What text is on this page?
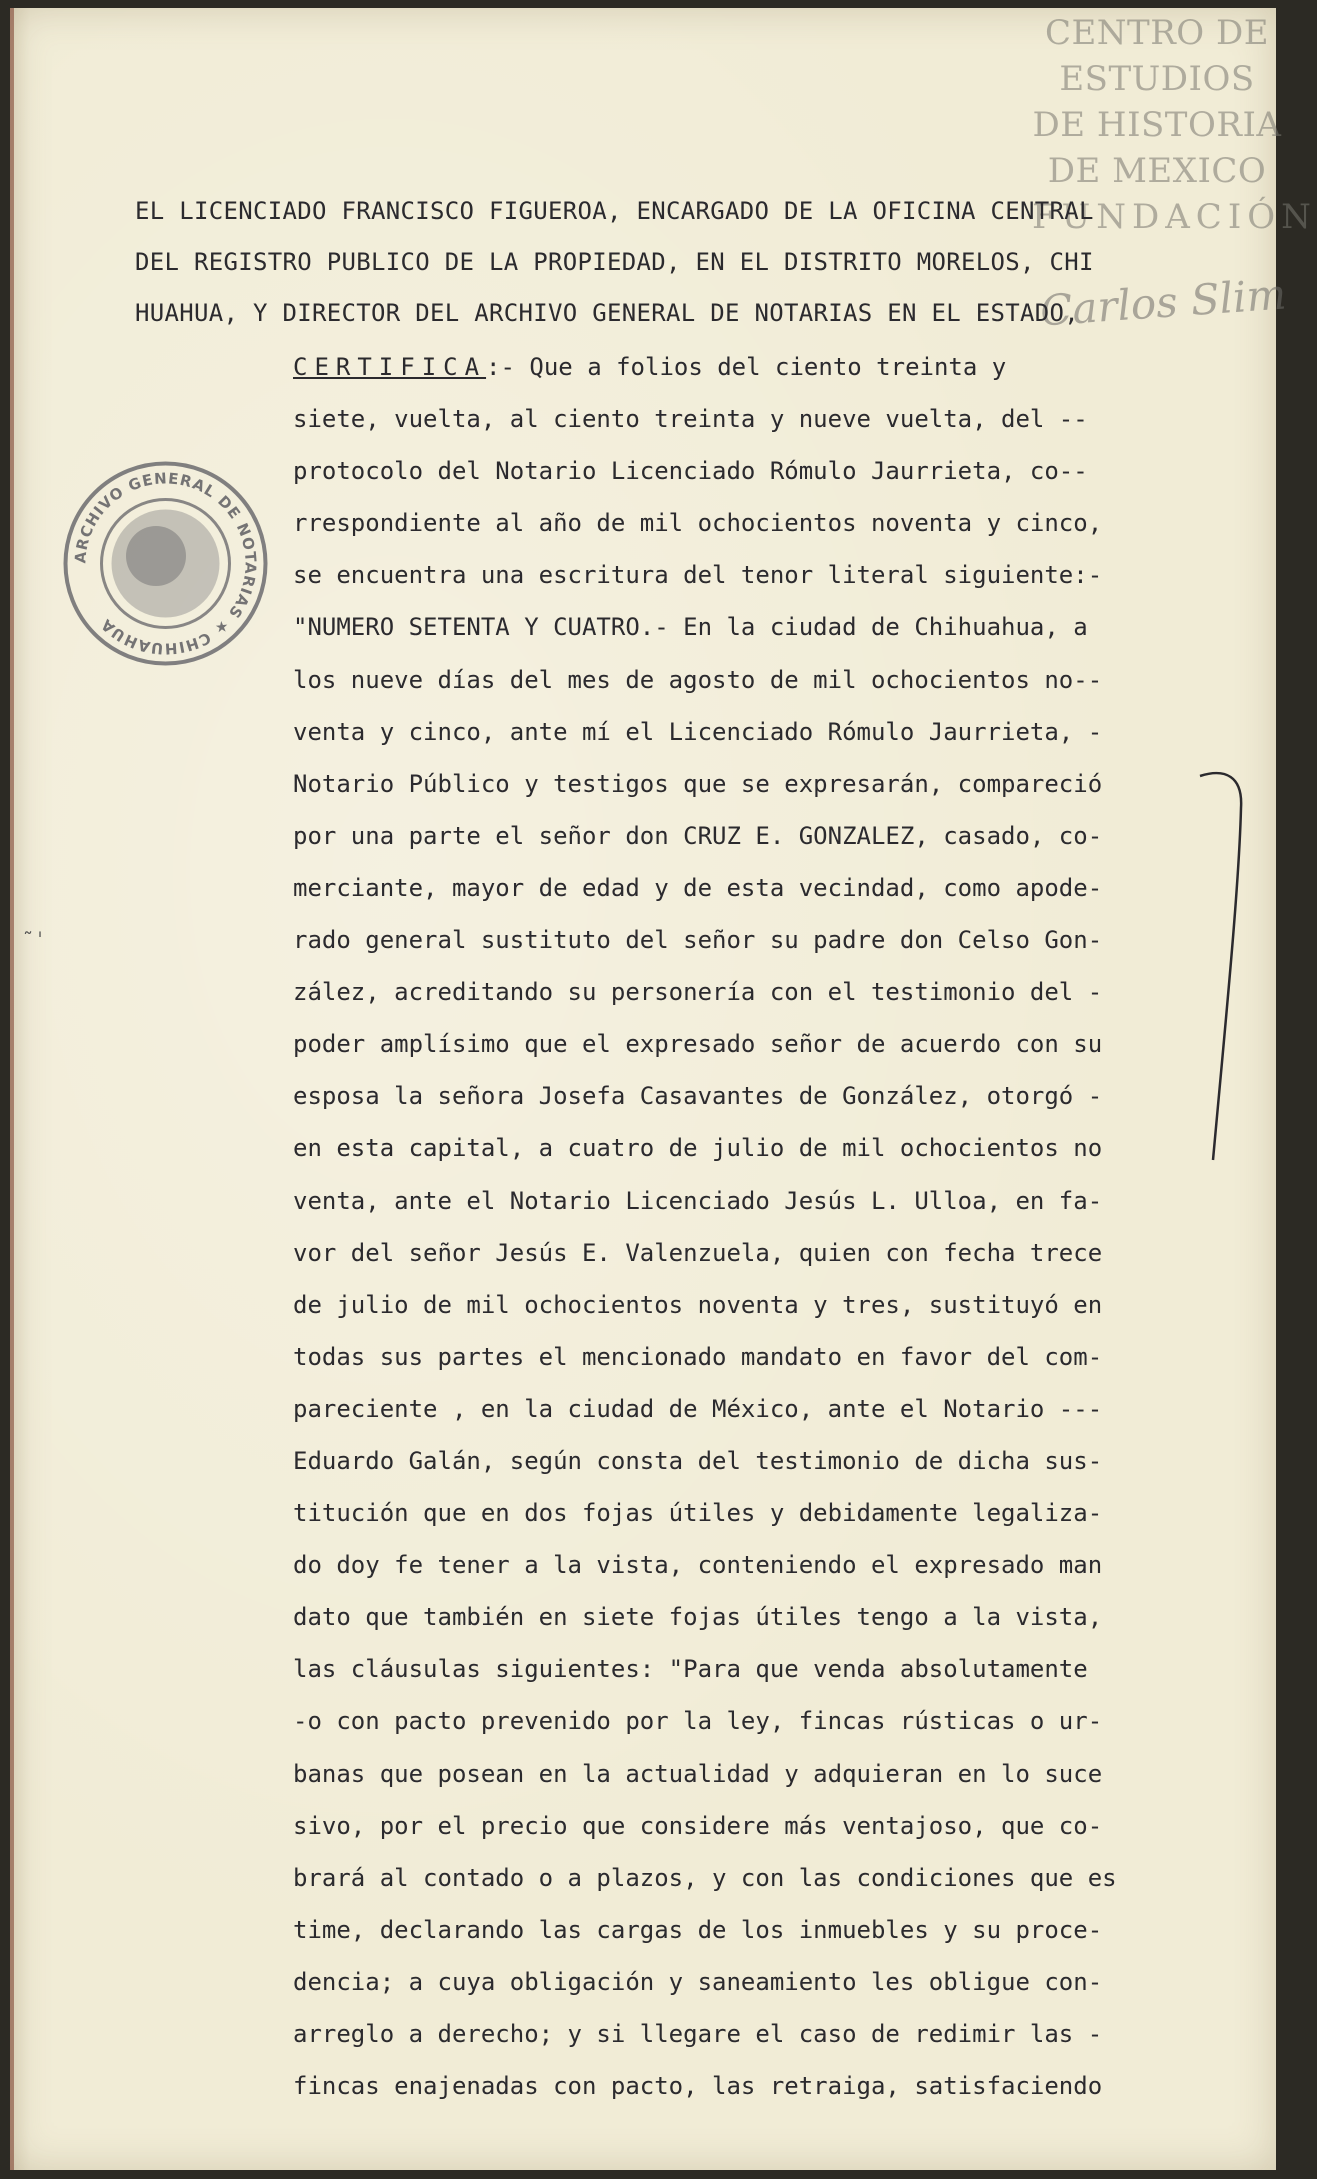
CENTRO DE
ESTUDIOS
DE HISTORIA
DE MEXICO
FUNDACIÓN
Carlos Slim
EL LICENCIADO FRANCISCO FIGUEROA, ENCARGADO DE LA OFICINA CENTRAL
DEL REGISTRO PUBLICO DE LA PROPIEDAD, EN EL DISTRITO MORELOS, CHI
HUAHUA, Y DIRECTOR DEL ARCHIVO GENERAL DE NOTARIAS EN EL ESTADO,
ARCHIVO GENERAL DE NOTARIAS ★ CHIHUAHUA
˜ˈ
CERTIFICA:- Que a folios del ciento treinta y
siete, vuelta, al ciento treinta y nueve vuelta, del --
protocolo del Notario Licenciado Rómulo Jaurrieta, co--
rrespondiente al año de mil ochocientos noventa y cinco,
se encuentra una escritura del tenor literal siguiente:-
"NUMERO SETENTA Y CUATRO.- En la ciudad de Chihuahua, a
los nueve días del mes de agosto de mil ochocientos no--
venta y cinco, ante mí el Licenciado Rómulo Jaurrieta, -
Notario Público y testigos que se expresarán, compareció
por una parte el señor don CRUZ E. GONZALEZ, casado, co-
merciante, mayor de edad y de esta vecindad, como apode-
rado general sustituto del señor su padre don Celso Gon-
zález, acreditando su personería con el testimonio del -
poder amplísimo que el expresado señor de acuerdo con su
esposa la señora Josefa Casavantes de González, otorgó -
en esta capital, a cuatro de julio de mil ochocientos no
venta, ante el Notario Licenciado Jesús L. Ulloa, en fa-
vor del señor Jesús E. Valenzuela, quien con fecha trece
de julio de mil ochocientos noventa y tres, sustituyó en
todas sus partes el mencionado mandato en favor del com-
pareciente , en la ciudad de México, ante el Notario ---
Eduardo Galán, según consta del testimonio de dicha sus-
titución que en dos fojas útiles y debidamente legaliza-
do doy fe tener a la vista, conteniendo el expresado man
dato que también en siete fojas útiles tengo a la vista,
las cláusulas siguientes: "Para que venda absolutamente
-o con pacto prevenido por la ley, fincas rústicas o ur-
banas que posean en la actualidad y adquieran en lo suce
sivo, por el precio que considere más ventajoso, que co-
brará al contado o a plazos, y con las condiciones que es
time, declarando las cargas de los inmuebles y su proce-
dencia; a cuya obligación y saneamiento les obligue con-
arreglo a derecho; y si llegare el caso de redimir las -
fincas enajenadas con pacto, las retraiga, satisfaciendo
